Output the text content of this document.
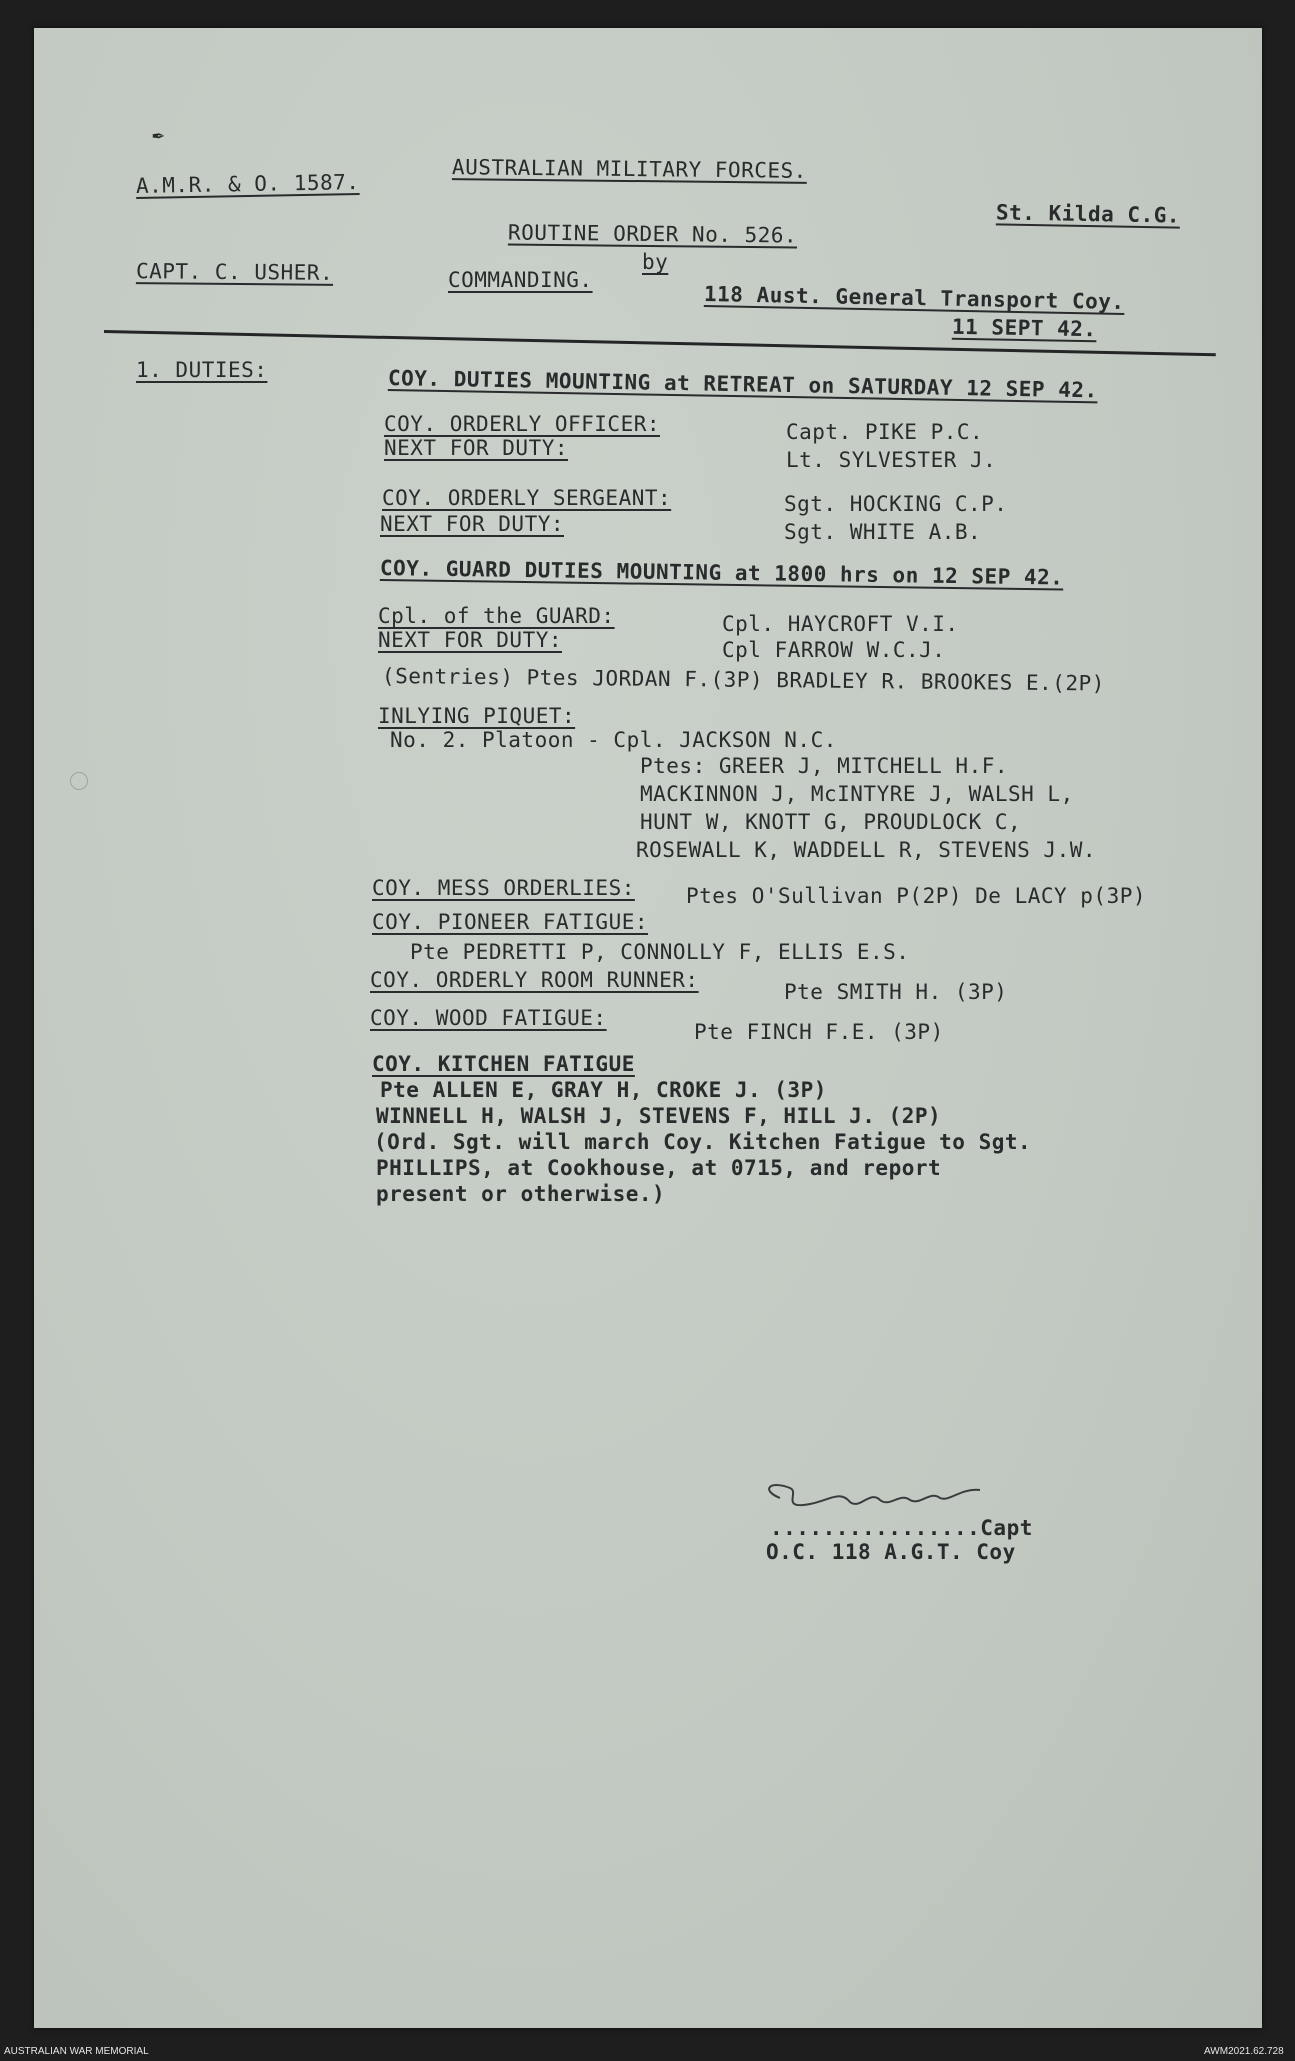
✒
A.M.R. & O. 1587.
AUSTRALIAN MILITARY FORCES.
St. Kilda C.G.
ROUTINE ORDER No. 526.
by
CAPT. C. USHER.	COMMANDING.
118 Aust. General Transport Coy.
11 SEPT 42.
1. DUTIES:	COY. DUTIES MOUNTING at RETREAT on SATURDAY 12 SEP 42.
COY. ORDERLY OFFICER:	Capt. PIKE P.C.
NEXT FOR DUTY:	Lt. SYLVESTER J.
COY. ORDERLY SERGEANT:	Sgt. HOCKING C.P.
NEXT FOR DUTY:	Sgt. WHITE A.B.
COY. GUARD DUTIES MOUNTING at 1800 hrs on 12 SEP 42.
Cpl. of the GUARD:	Cpl. HAYCROFT V.I.
NEXT FOR DUTY:	Cpl FARROW W.C.J.
(Sentries) Ptes JORDAN F.(3P) BRADLEY R. BROOKES E.(2P)
INLYING PIQUET:
No. 2. Platoon - Cpl. JACKSON N.C.
Ptes: GREER J, MITCHELL H.F.
MACKINNON J, McINTYRE J, WALSH L,
HUNT W, KNOTT G, PROUDLOCK C,
ROSEWALL K, WADDELL R, STEVENS J.W.
COY. MESS ORDERLIES: Ptes O'Sullivan P(2P) De LACY p(3P)
COY. PIONEER FATIGUE:
Pte PEDRETTI P, CONNOLLY F, ELLIS E.S.
COY. ORDERLY ROOM RUNNER:	Pte SMITH H. (3P)
COY. WOOD FATIGUE:
Pte FINCH F.E. (3P)
COY. KITCHEN FATIGUE
Pte ALLEN E, GRAY H, CROKE J. (3P)
WINNELL H, WALSH J, STEVENS F, HILL J. (2P)
(Ord. Sgt. will march Coy. Kitchen Fatigue to Sgt.
PHILLIPS, at Cookhouse, at 0715, and report
present or otherwise.)
................Capt
O.C. 118 A.G.T. Coy
AUSTRALIAN WAR MEMORIAL	AWM2021.62.728
